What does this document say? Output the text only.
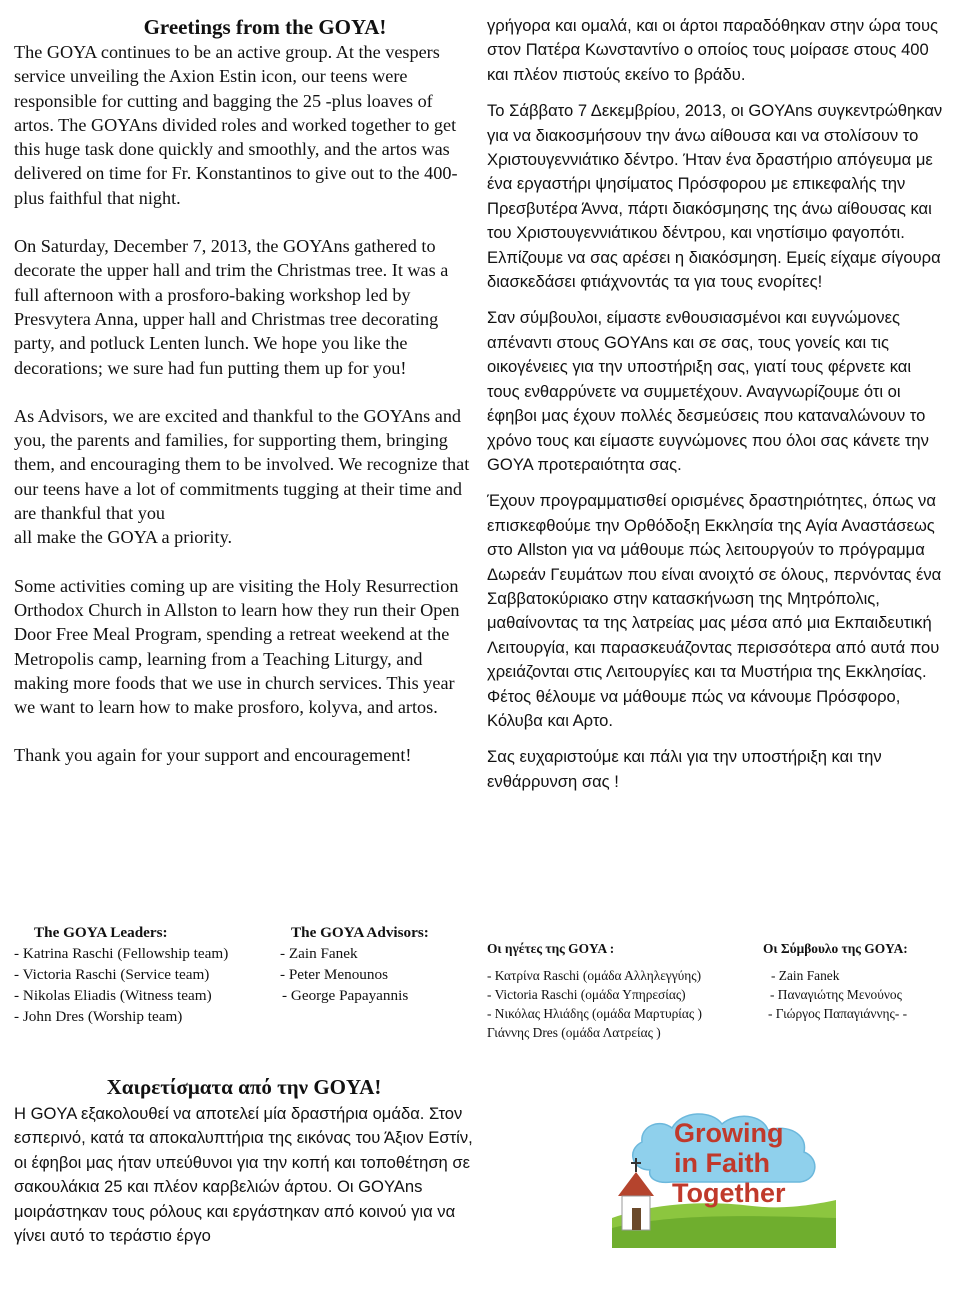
Greetings from the GOYA!

The GOYA continues to be an active group. At the vespers service unveiling the Axion Estin icon, our teens were responsible for cutting and bagging the 25 -plus loaves of artos. The GOYAns divided roles and worked together to get this huge task done quickly and smoothly, and the artos was delivered on time for Fr. Konstantinos to give out to the 400-plus faithful that night.

On Saturday, December 7, 2013, the GOYAns gathered to decorate the upper hall and trim the Christmas tree. It was a full afternoon with a prosforo-baking workshop led by Presvytera Anna, upper hall and Christmas tree decorating party, and potluck Lenten lunch. We hope you like the decorations; we sure had fun putting them up for you!

As Advisors, we are excited and thankful to the GOYAns and you, the parents and families, for supporting them, bringing them, and encouraging them to be involved. We recognize that our teens have a lot of commitments tugging at their time and are thankful that you
all make the GOYA a priority.

Some activities coming up are visiting the Holy Resurrection Orthodox Church in Allston to learn how they run their Open Door Free Meal Program, spending a retreat weekend at the Metropolis camp, learning from a Teaching Liturgy, and making more foods that we use in church services. This year we want to learn how to make prosforo, kolyva, and artos.

Thank you again for your support and encouragement!

The GOYA Leaders:
- Katrina Raschi (Fellowship team)
- Victoria Raschi (Service team)
- Nikolas Eliadis (Witness team)
- John Dres (Worship team)
The GOYA Advisors:
- Zain Fanek
- Peter Menounos
- George Papayannis

γρήγορα και ομαλά, και οι άρτοι παραδόθηκαν στην ώρα τους στον Πατέρα Κωνσταντίνο ο οποίος τους μοίρασε στους 400 και πλέον πιστούς εκείνο το βράδυ.

Το Σάββατο 7 Δεκεμβρίου, 2013, οι GOYAns συγκεντρώθηκαν για να διακοσμήσουν την άνω αίθουσα και να στολίσουν το Χριστουγεννιάτικο δέντρο. Ήταν ένα δραστήριο απόγευμα με ένα εργαστήρι ψησίματος Πρόσφορου με επικεφαλής την Πρεσβυτέρα Άννα, πάρτι διακόσμησης της άνω αίθουσας και του Χριστουγεννιάτικου δέντρου, και νηστίσιμο φαγοπότι. Ελπίζουμε να σας αρέσει η διακόσμηση. Εμείς είχαμε σίγουρα διασκεδάσει φτιάχνοντάς τα για τους ενορίτες!

Σαν σύμβουλοι, είμαστε ενθουσιασμένοι και ευγνώμονες απέναντι στους GOYAns και σε σας, τους γονείς και τις οικογένειες για την υποστήριξη σας, γιατί τους φέρνετε και τους ενθαρρύνετε να συμμετέχουν. Αναγνωρίζουμε ότι οι έφηβοι μας έχουν πολλές δεσμεύσεις που καταναλώνουν το χρόνο τους και είμαστε ευγνώμονες που όλοι σας κάνετε την GOYA προτεραιότητα σας.

Έχουν προγραμματισθεί ορισμένες δραστηριότητες, όπως να επισκεφθούμε την Ορθόδοξη Εκκλησία της Αγία Αναστάσεως στο Allston για να μάθουμε πώς λειτουργούν το πρόγραμμα Δωρεάν Γευμάτων που είναι ανοιχτό σε όλους, περνόντας ένα Σαββατοκύριακο στην κατασκήνωση της Μητρόπολις, μαθαίνοντας τα της λατρείας μας μέσα από μια Εκπαιδευτική Λειτουργία, και παρασκευάζοντας περισσότερα από αυτά που χρειάζονται στις Λειτουργίες και τα Μυστήρια της Εκκλησίας. Φέτος θέλουμε να μάθουμε πώς να κάνουμε Πρόσφορο, Κόλυβα και Αρτο.

Σας ευχαριστούμε και πάλι για την υποστήριξη και την ενθάρρυνση σας !

Οι ηγέτες της GOYA :	Οι Σύμβουλο της GOYA:
- Κατρίνα Raschi (ομάδα Αλληλεγγύης)
- Victoria Raschi (ομάδα Υπηρεσίας)
- Νικόλας Ηλιάδης (ομάδα Μαρτυρίας )
Γιάννης Dres (ομάδα Λατρείας )
- Zain Fanek
- Παναγιώτης Μενούνος
- Γιώργος Παπαγιάννης- -
Χαιρετίσματα από την GOYA!

Η GOYA εξακολουθεί να αποτελεί μία δραστήρια ομάδα. Στον εσπερινό, κατά τα αποκαλυπτήρια της εικόνας του Άξιον Εστίν, οι έφηβοι μας ήταν υπεύθυνοι για την κοπή και τοποθέτηση σε σακουλάκια 25 και πλέον καρβελιών άρτου. Οι GOYAns μοιράστηκαν τους ρόλους και εργάστηκαν από κοινού για να γίνει αυτό το τεράστιο έργο

Growing
in Faith
Together
